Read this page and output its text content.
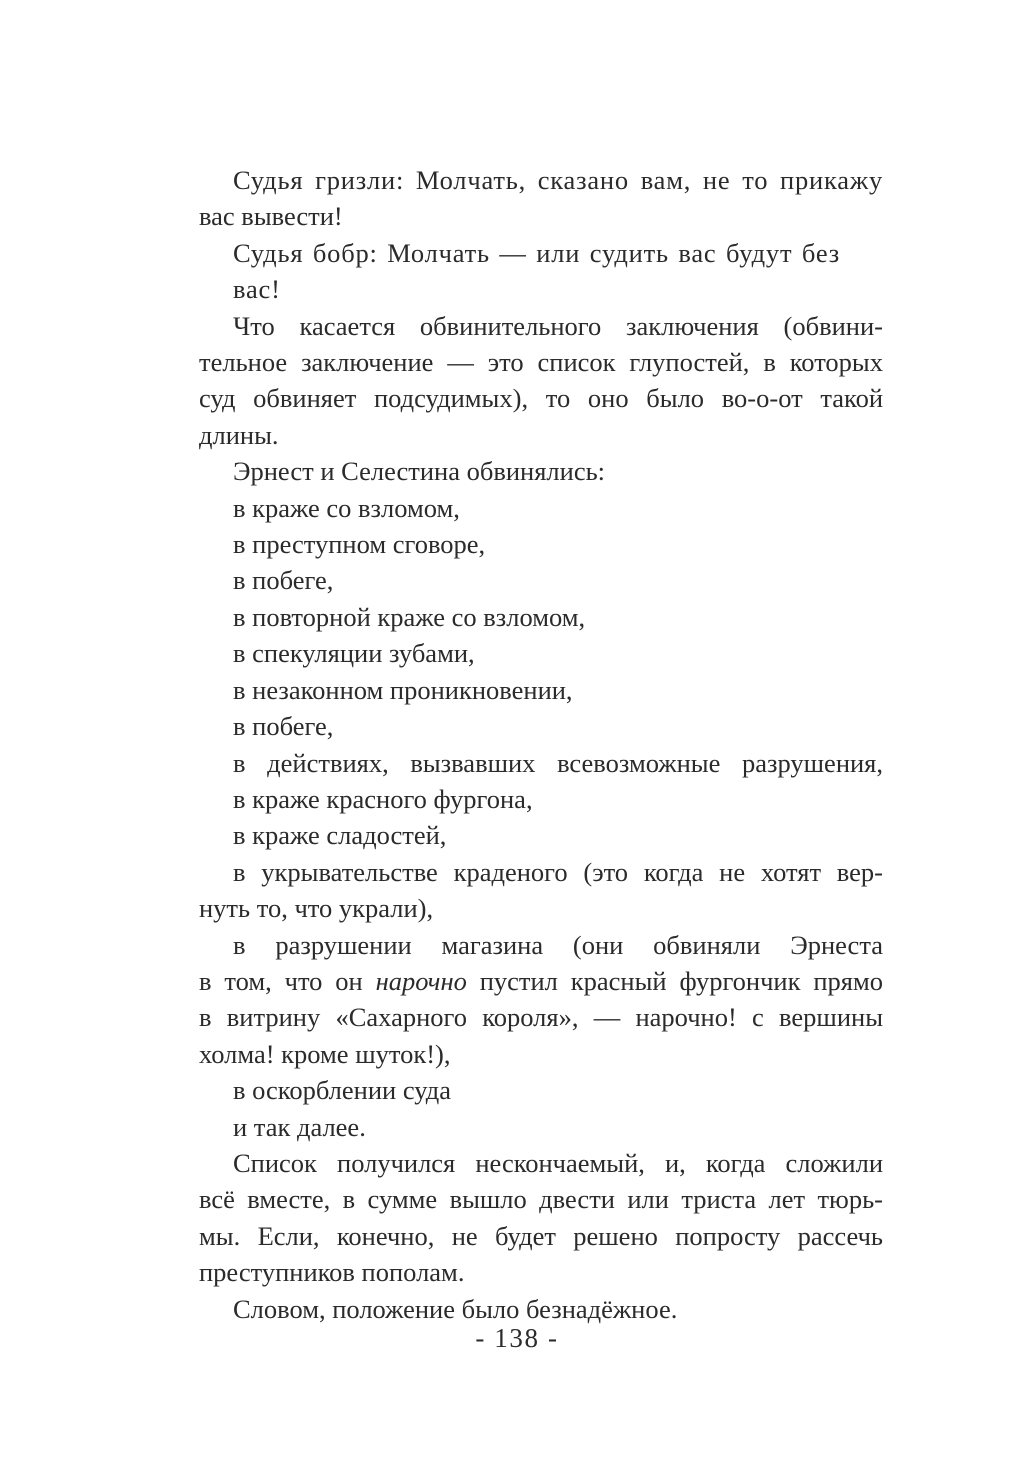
Судья гризли: Молчать, сказано вам, не то прикажу
вас вывести!
Судья бобр: Молчать — или судить вас будут без вас!
Что касается обвинительного заключения (обвини-
тельное заключение — это список глупостей, в которых
суд обвиняет подсудимых), то оно было во-о-от такой
длины.
Эрнест и Селестина обвинялись:
в краже со взломом,
в преступном сговоре,
в побеге,
в повторной краже со взломом,
в спекуляции зубами,
в незаконном проникновении,
в побеге,
в действиях, вызвавших всевозможные разрушения,
в краже красного фургона,
в краже сладостей,
в укрывательстве краденого (это когда не хотят вер-
нуть то, что украли),
в разрушении магазина (они обвиняли Эрнеста
в том, что он нарочно пустил красный фургончик прямо
в витрину «Сахарного короля», — нарочно! с вершины
холма! кроме шуток!),
в оскорблении суда
и так далее.
Список получился нескончаемый, и, когда сложили
всё вместе, в сумме вышло двести или триста лет тюрь-
мы. Если, конечно, не будет решено попросту рассечь
преступников пополам.
Словом, положение было безнадёжное.
- 138 -
